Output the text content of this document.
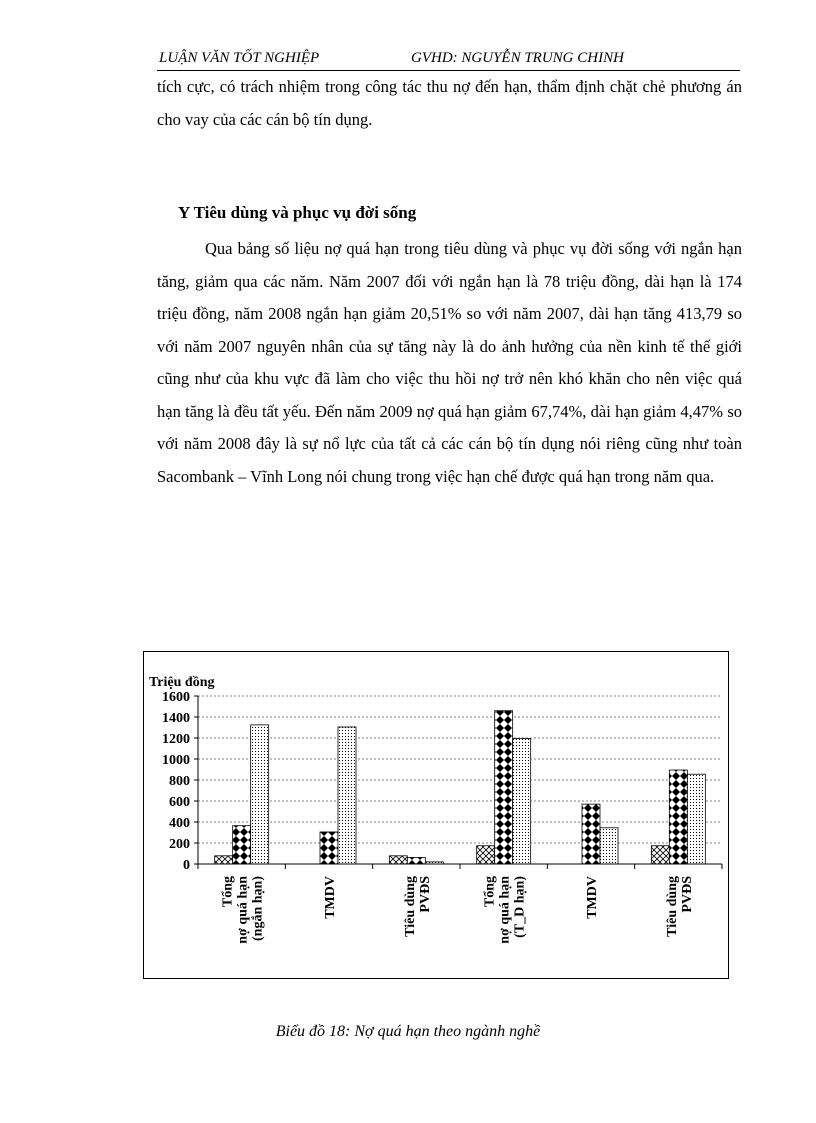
LUẬN VĂN TỐT NGHIỆP	GVHD: NGUYỄN TRUNG CHINH

tích cực, có trách nhiệm trong công tác thu nợ đến hạn, thẩm định chặt chẻ phương án cho vay của các cán bộ tín dụng.

Y Tiêu dùng và phục vụ đời sống

Qua bảng số liệu nợ quá hạn trong tiêu dùng và phục vụ đời sống với ngắn hạn tăng, giảm qua các năm. Năm 2007 đối với ngắn hạn là 78 triệu đồng, dài hạn là 174 triệu đồng, năm 2008 ngắn hạn giảm 20,51% so với năm 2007, dài hạn tăng 413,79 so với năm 2007 nguyên nhân của sự tăng này là do ảnh hưởng của nền kinh tế thế giới cũng như của khu vực đã làm cho việc thu hồi nợ trở nên khó khăn cho nên việc quá hạn tăng là đều tất yếu. Đến năm 2009 nợ quá hạn giảm 67,74%, dài hạn giảm 4,47% so với năm 2008 đây là sự nổ lực của tất cả các cán bộ tín dụng nói riêng cũng như toàn Sacombank – Vĩnh Long nói chung trong việc hạn chế được quá hạn trong năm qua.

Triệu đồng
0
200
400
600
800
1000
1200
1400
1600
Tổng nợ quá hạn (ngắn hạn)	TMDV	Tiêu dùng PVĐS	Tổng nợ quá hạn (T_D hạn)	TMDV	Tiêu dùng PVĐS
Biểu đồ 18: Nợ quá hạn theo ngành nghề
